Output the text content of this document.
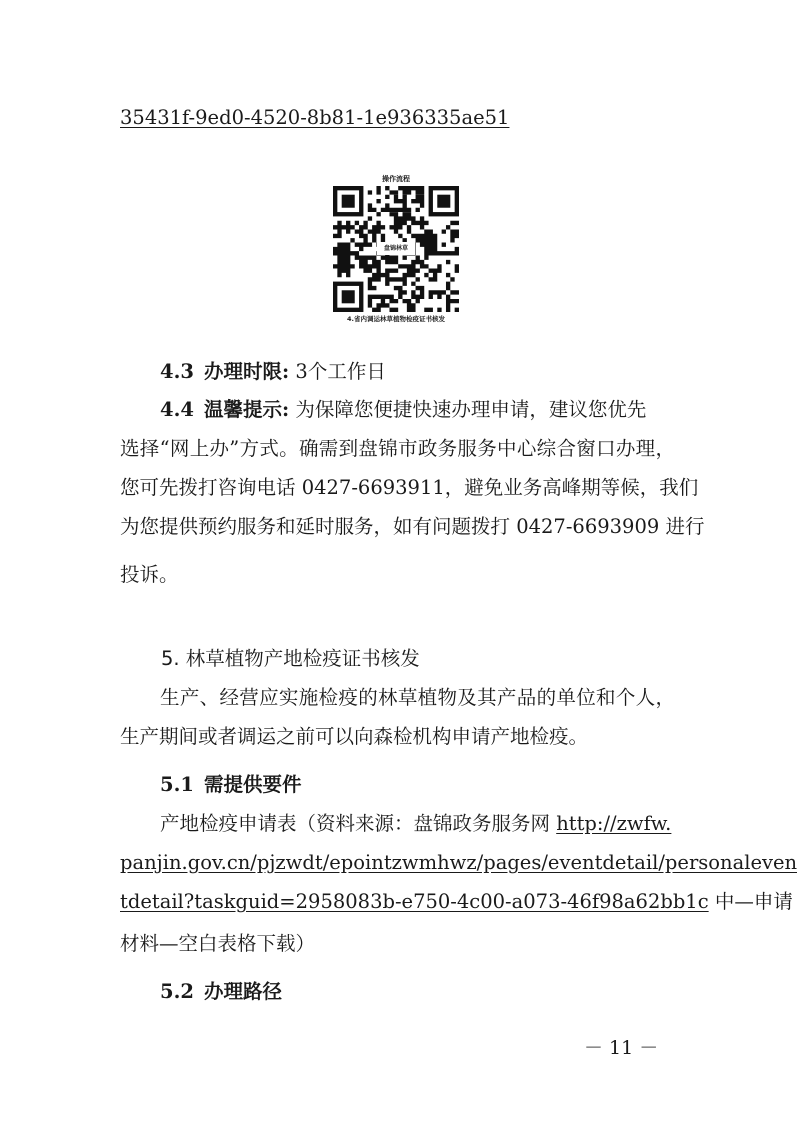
35431f-9ed0-4520-8b81-1e936335ae51
操作流程
盘锦林草
4.省内调运林草植物检疫证书核发
4.3 办理时限: 3个工作日
4.4 温馨提示: 为保障您便捷快速办理申请，建议您优先
选择“网上办”方式。确需到盘锦市政务服务中心综合窗口办理，
您可先拨打咨询电话 0427-6693911，避免业务高峰期等候，我们
为您提供预约服务和延时服务，如有问题拨打 0427-6693909 进行
投诉。
5. 林草植物产地检疫证书核发
生产、经营应实施检疫的林草植物及其产品的单位和个人，
生产期间或者调运之前可以向森检机构申请产地检疫。
5.1 需提供要件
产地检疫申请表（资料来源：盘锦政务服务网 http://zwfw.
panjin.gov.cn/pjzwdt/epointzwmhwz/pages/eventdetail/personaleven
tdetail?taskguid=2958083b-e750-4c00-a073-46f98a62bb1c 中—申请
材料—空白表格下载）
5.2 办理路径
－ 11 －
